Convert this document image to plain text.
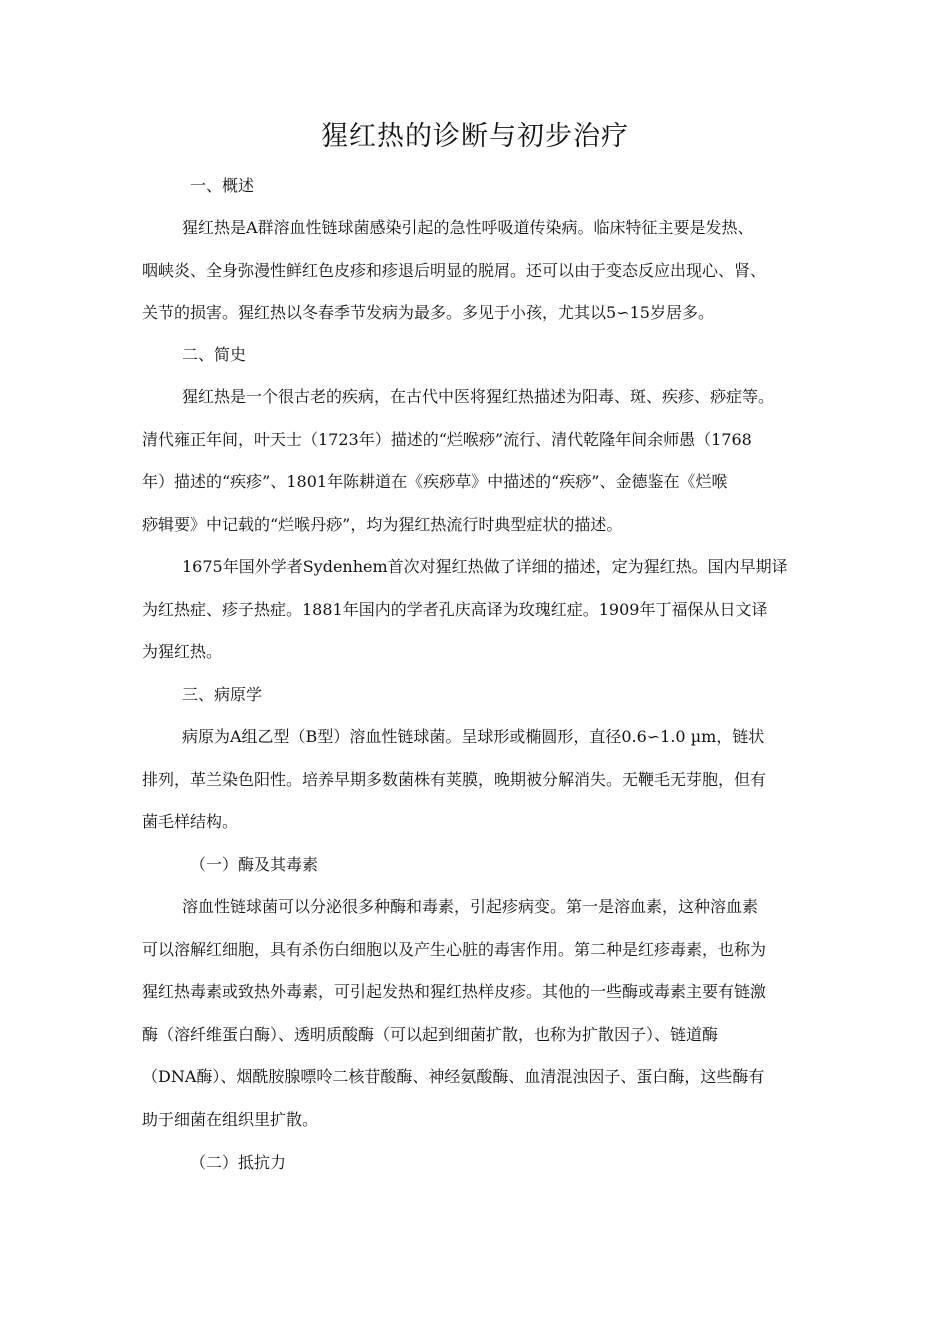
猩红热的诊断与初步治疗
一、概述
猩红热是A群溶血性链球菌感染引起的急性呼吸道传染病。临床特征主要是发热、
咽峡炎、全身弥漫性鲜红色皮疹和疹退后明显的脱屑。还可以由于变态反应出现心、肾、
关节的损害。猩红热以冬春季节发病为最多。多见于小孩，尤其以5∽15岁居多。
二、简史
猩红热是一个很古老的疾病，在古代中医将猩红热描述为阳毒、斑、疾疹、痧症等。
清代雍正年间，叶天士（1723年）描述的“烂喉痧”流行、清代乾隆年间余师愚（1768
年）描述的“疾疹”、1801年陈耕道在《疾痧草》中描述的“疾痧”、金德鉴在《烂喉
痧辑要》中记载的“烂喉丹痧”，均为猩红热流行时典型症状的描述。
1675年国外学者Sydenhem首次对猩红热做了详细的描述，定为猩红热。国内早期译
为红热症、疹子热症。1881年国内的学者孔庆高译为玫瑰红症。1909年丁福保从日文译
为猩红热。
三、病原学
病原为A组乙型（B型）溶血性链球菌。呈球形或椭圆形，直径0.6∽1.0 µm，链状
排列，革兰染色阳性。培养早期多数菌株有荚膜，晚期被分解消失。无鞭毛无芽胞，但有
菌毛样结构。
（一）酶及其毒素
溶血性链球菌可以分泌很多种酶和毒素，引起疹病变。第一是溶血素，这种溶血素
可以溶解红细胞，具有杀伤白细胞以及产生心脏的毒害作用。第二种是红疹毒素，也称为
猩红热毒素或致热外毒素，可引起发热和猩红热样皮疹。其他的一些酶或毒素主要有链激
酶（溶纤维蛋白酶）、透明质酸酶（可以起到细菌扩散，也称为扩散因子）、链道酶
（DNA酶）、烟酰胺腺嘌呤二核苷酸酶、神经氨酸酶、血清混浊因子、蛋白酶，这些酶有
助于细菌在组织里扩散。
（二）抵抗力
